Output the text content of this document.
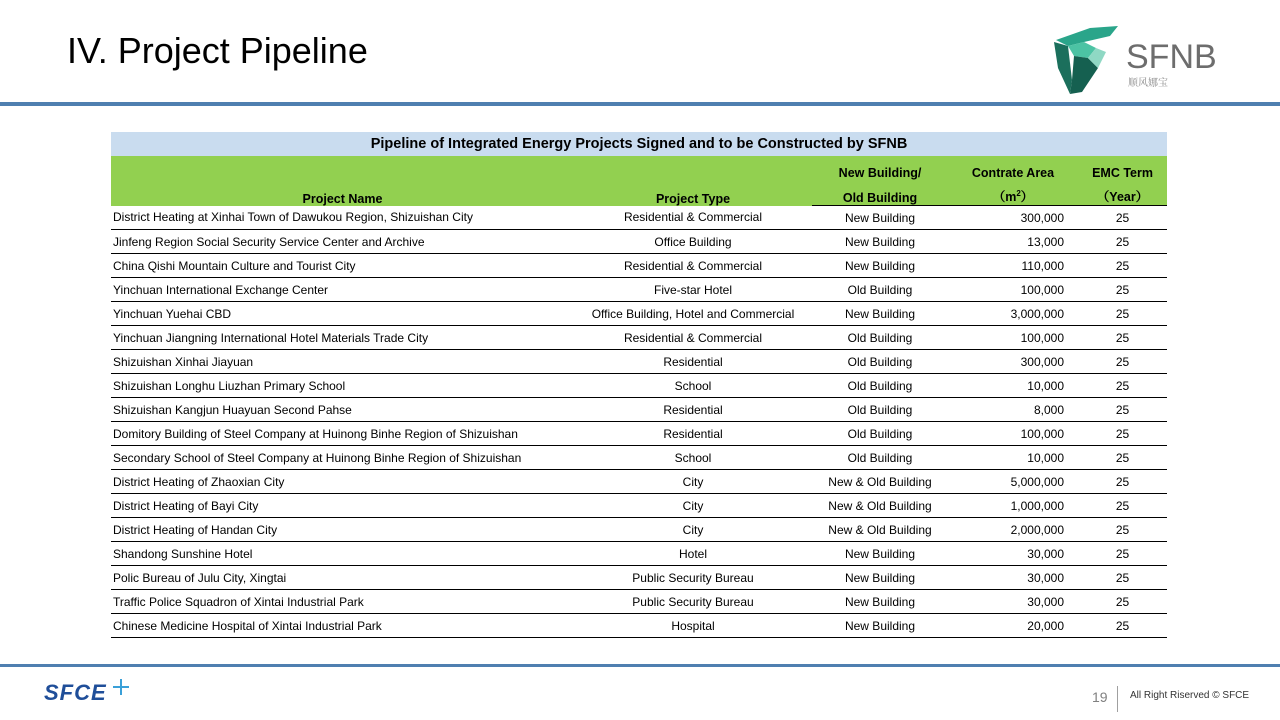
IV. Project Pipeline	SFNB
顺风娜宝
Pipeline of Integrated Energy Projects Signed and to be Constructed by SFNB				
Project Name	Project Type	New Building/	Contrate Area	EMC Term
		Old Building	$(m^2)$	（Year）
District Heating at Xinhai Town of Dawukou Region, Shizuishan City	Residential & Commercial	New Building	300,000	25
Jinfeng Region Social Security Service Center and Archive	Office Building	New Building	13,000	25
China Qishi Mountain Culture and Tourist City	Residential & Commercial	New Building	110,000	25
Yinchuan International Exchange Center	Five-star Hotel	Old Building	100,000	25
Yinchuan Yuehai CBD	Office Building, Hotel and Commercial	New Building	3,000,000	25
Yinchuan Jiangning International Hotel Materials Trade City	Residential & Commercial	Old Building	100,000	25
Shizuishan Xinhai Jiayuan	Residential	Old Building	300,000	25
Shizuishan Longhu Liuzhan Primary School	School	Old Building	10,000	25
Shizuishan Kangjun Huayuan Second Pahse	Residential	Old Building	8,000	25
Domitory Building of Steel Company at Huinong Binhe Region of Shizuishan	Residential	Old Building	100,000	25
Secondary School of Steel Company at Huinong Binhe Region of Shizuishan	School	Old Building	10,000	25
District Heating of Zhaoxian City	City	New & Old Building	5,000,000	25
District Heating of Bayi City	City	New & Old Building	1,000,000	25
District Heating of Handan City	City	New & Old Building	2,000,000	25
Shandong Sunshine Hotel	Hotel	New Building	30,000	25
Polic Bureau of Julu City, Xingtai	Public Security Bureau	New Building	30,000	25
Traffic Police Squadron of Xintai Industrial Park	Public Security Bureau	New Building	30,000	25
Chinese Medicine Hospital of Xintai Industrial Park	Hospital	New Building	20,000	25
SFCE	19 All Right Riserved © SFCE
